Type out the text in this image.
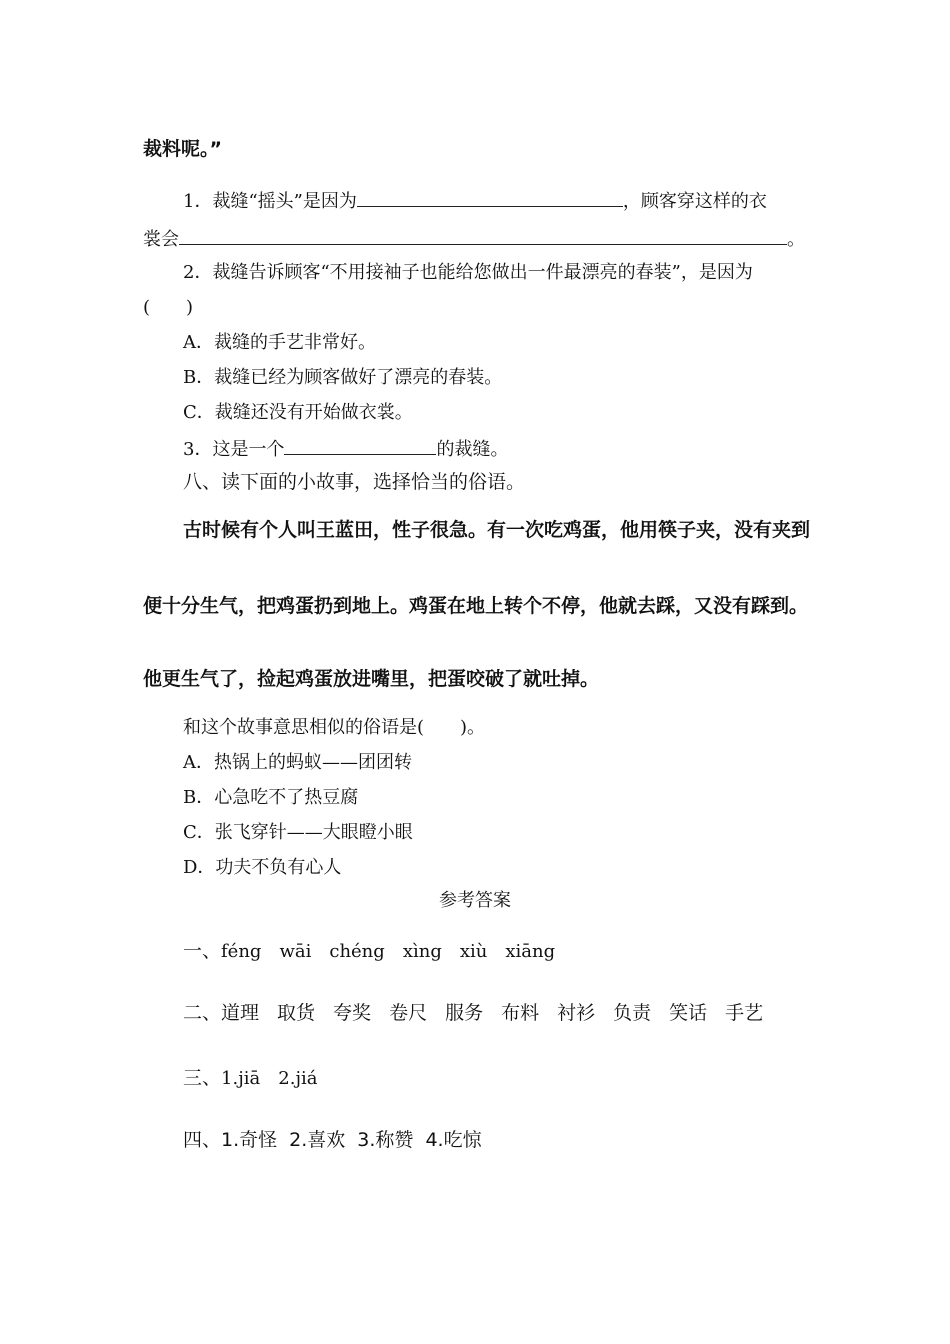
裁料呢。”
1．裁缝“摇头”是因为	，顾客穿这样的衣
裳会	。
2．裁缝告诉顾客“不用接袖子也能给您做出一件最漂亮的春装”，是因为
(　　)
A．裁缝的手艺非常好。
B．裁缝已经为顾客做好了漂亮的春装。
C．裁缝还没有开始做衣裳。
3．这是一个	的裁缝。
八、读下面的小故事，选择恰当的俗语。
古时候有个人叫王蓝田，性子很急。有一次吃鸡蛋，他用筷子夹，没有夹到
便十分生气，把鸡蛋扔到地上。鸡蛋在地上转个不停，他就去踩，又没有踩到。
他更生气了，捡起鸡蛋放进嘴里，把蛋咬破了就吐掉。
和这个故事意思相似的俗语是(　　)。
A．热锅上的蚂蚁——团团转
B．心急吃不了热豆腐
C．张飞穿针——大眼瞪小眼
D．功夫不负有心人
参考答案
一、féng wāi chéng xìng xiù xiāng
二、道理 取货 夸奖 卷尺 服务 布料 衬衫 负责 笑话 手艺
三、1.jiā 2.jiá
四、1.奇怪 2.喜欢 3.称赞 4.吃惊
